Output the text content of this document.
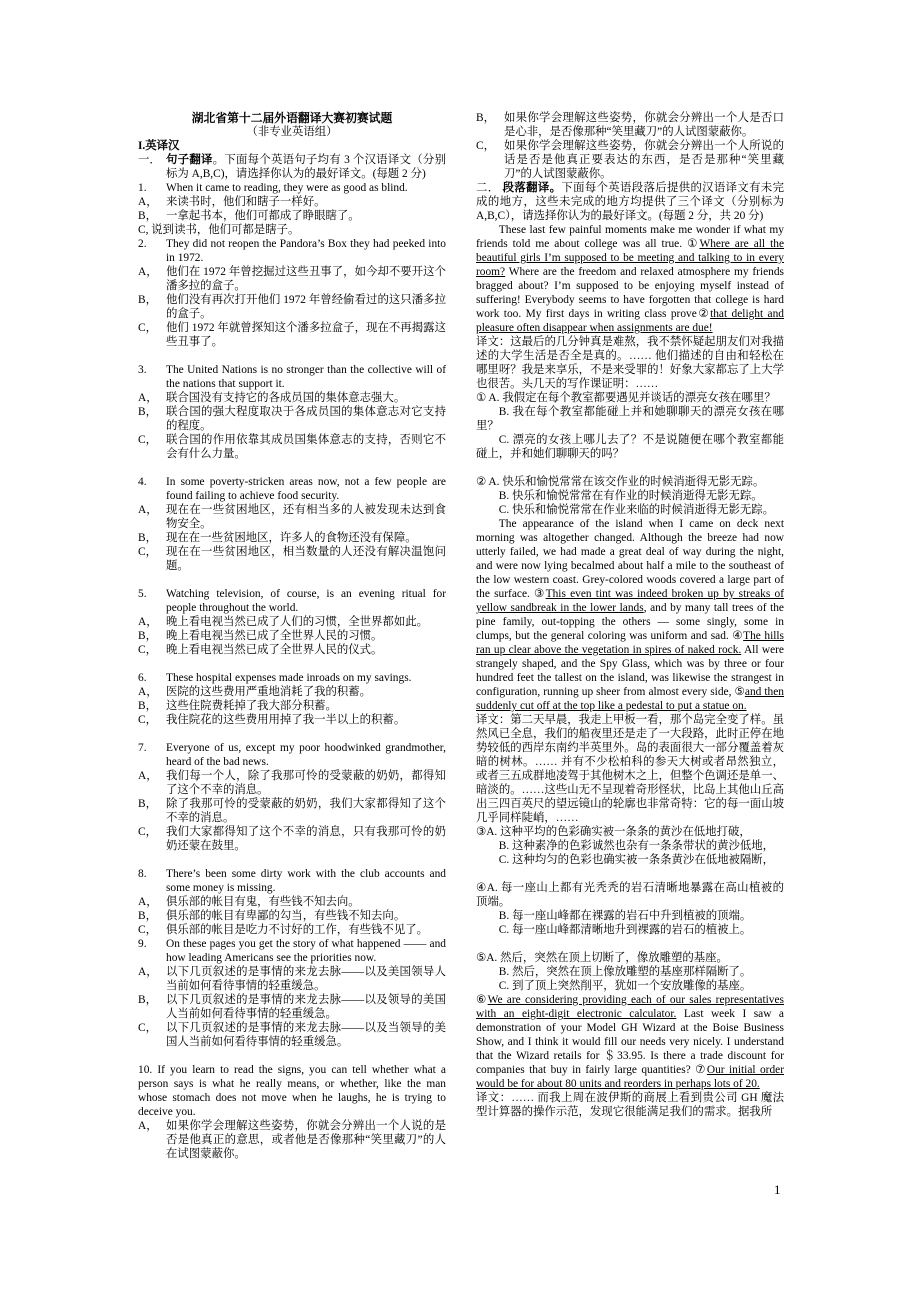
湖北省第十二届外语翻译大赛初赛试题
（非专业英语组）
I.英译汉
一． 句子翻译。下面每个英语句子均有 3 个汉语译文（分别标为 A,B,C)，请选择你认为的最好译文。(每题 2 分)
1.	When it came to reading, they were as good as blind.
A， 来读书时，他们和瞎子一样好。
B， 一拿起书本，他们可都成了睁眼瞎了。
C, 说到读书，他们可都是瞎子。
2.	They did not reopen the Pandora’s Box they had peeked into in 1972.
A， 他们在 1972 年曾挖掘过这些丑事了，如今却不要开这个潘多拉的盒子。
B， 他们没有再次打开他们 1972 年曾经偷看过的这只潘多拉的盒子。
C， 他们 1972 年就曾探知这个潘多拉盒子，现在不再揭露这些丑事了。
3.	The United Nations is no stronger than the collective will of the nations that support it.
A， 联合国没有支持它的各成员国的集体意志强大。
B， 联合国的强大程度取决于各成员国的集体意志对它支持的程度。
C， 联合国的作用依靠其成员国集体意志的支持，否则它不会有什么力量。
4.	In some poverty-stricken areas now, not a few people are found failing to achieve food security.
A， 现在在一些贫困地区，还有相当多的人被发现未达到食物安全。
B， 现在在一些贫困地区，许多人的食物还没有保障。
C， 现在在一些贫困地区，相当数量的人还没有解决温饱问题。
5.	Watching television, of course, is an evening ritual for people throughout the world.
A， 晚上看电视当然已成了人们的习惯，全世界都如此。
B， 晚上看电视当然已成了全世界人民的习惯。
C， 晚上看电视当然已成了全世界人民的仪式。
6.	These hospital expenses made inroads on my savings.
A， 医院的这些费用严重地消耗了我的积蓄。
B， 这些住院费耗掉了我大部分积蓄。
C， 我住院花的这些费用用掉了我一半以上的积蓄。
7.	Everyone of us, except my poor hoodwinked grandmother, heard of the bad news.
A， 我们每一个人，除了我那可怜的受蒙蔽的奶奶，都得知了这个不幸的消息。
B， 除了我那可怜的受蒙蔽的奶奶，我们大家都得知了这个不幸的消息。
C， 我们大家都得知了这个不幸的消息，只有我那可怜的奶奶还蒙在鼓里。
8.	There’s been some dirty work with the club accounts and some money is missing.
A， 俱乐部的帐目有鬼，有些钱不知去向。
B， 俱乐部的帐目有卑鄙的勾当，有些钱不知去向。
C， 俱乐部的帐目是吃力不讨好的工作，有些钱不见了。
9.	On these pages you get the story of what happened —— and how leading Americans see the priorities now.
A， 以下几页叙述的是事情的来龙去脉——以及美国领导人当前如何看待事情的轻重缓急。
B， 以下几页叙述的是事情的来龙去脉——以及领导的美国人当前如何看待事情的轻重缓急。
C， 以下几页叙述的是事情的来龙去脉——以及当领导的美国人当前如何看待事情的轻重缓急。
10. If you learn to read the signs, you can tell whether what a person says is what he really means, or whether, like the man whose stomach does not move when he laughs, he is trying to deceive you.
A， 如果你学会理解这些姿势，你就会分辨出一个人说的是否是他真正的意思，或者他是否像那种“笑里藏刀”的人在试图蒙蔽你。
B， 如果你学会理解这些姿势，你就会分辨出一个人是否口是心非，是否像那种“笑里藏刀”的人试图蒙蔽你。
C， 如果你学会理解这些姿势，你就会分辨出一个人所说的话是否是他真正要表达的东西，是否是那种“笑里藏刀”的人试图蒙蔽你。
二． 段落翻译。下面每个英语段落后提供的汉语译文有未完成的地方，这些未完成的地方均提供了三个译文（分别标为 A,B,C），请选择你认为的最好译文。(每题 2 分，共 20 分)
These last few painful moments make me wonder if what my friends told me about college was all true. ①Where are all the beautiful girls I’m supposed to be meeting and talking to in every room? Where are the freedom and relaxed atmosphere my friends bragged about? I’m supposed to be enjoying myself instead of suffering! Everybody seems to have forgotten that college is hard work too. My first days in writing class prove②that delight and pleasure often disappear when assignments are due!
译文：这最后的几分钟真是难熬，我不禁怀疑起朋友们对我描述的大学生活是否全是真的。…… 他们描述的自由和轻松在哪里呀？我是来享乐，不是来受罪的！好象大家都忘了上大学也很苦。头几天的写作课证明：……
① A. 我假定在每个教室都要遇见并谈话的漂亮女孩在哪里？
B. 我在每个教室都能碰上并和她聊聊天的漂亮女孩在哪里？
C. 漂亮的女孩上哪儿去了？不是说随便在哪个教室都能碰上，并和她们聊聊天的吗？
② A. 快乐和愉悦常常在该交作业的时候消逝得无影无踪。
B. 快乐和愉悦常常在有作业的时候消逝得无影无踪。
C. 快乐和愉悦常常在作业来临的时候消逝得无影无踪。
The appearance of the island when I came on deck next morning was altogether changed. Although the breeze had now utterly failed, we had made a great deal of way during the night, and were now lying becalmed about half a mile to the southeast of the low western coast. Grey-colored woods covered a large part of the surface. ③This even tint was indeed broken up by streaks of yellow sandbreak in the lower lands, and by many tall trees of the pine family, out-topping the others — some singly, some in clumps, but the general coloring was uniform and sad. ④The hills ran up clear above the vegetation in spires of naked rock. All were strangely shaped, and the Spy Glass, which was by three or four hundred feet the tallest on the island, was likewise the strangest in configuration, running up sheer from almost every side, ⑤and then suddenly cut off at the top like a pedestal to put a statue on.
译文：第二天早晨，我走上甲板一看，那个岛完全变了样。虽然风已全息，我们的船夜里还是走了一大段路，此时正停在地势较低的西岸东南约半英里外。岛的表面很大一部分覆盖着灰暗的树林。…… 并有不少松柏科的参天大树或者昂然独立，或者三五成群地凌驾于其他树木之上，但整个色调还是单一、暗淡的。……这些山无不呈现着奇形怪状，比岛上其他山丘高出三四百英尺的望远镜山的轮廓也非常奇特：它的每一面山坡几乎同样陡峭，……
③A. 这种平均的色彩确实被一条条的黄沙在低地打破，
B. 这种素净的色彩诚然也杂有一条条带状的黄沙低地，
C. 这种均匀的色彩也确实被一条条黄沙在低地被隔断，
④A. 每一座山上都有光秃秃的岩石清晰地暴露在高山植被的顶端。
B. 每一座山峰都在裸露的岩石中升到植被的顶端。
C. 每一座山峰都清晰地升到裸露的岩石的植被上。
⑤A. 然后，突然在顶上切断了，像放雕塑的基座。
B. 然后，突然在顶上像放雕塑的基座那样隔断了。
C. 到了顶上突然削平，犹如一个安放雕像的基座。
⑥We are considering providing each of our sales representatives with an eight-digit electronic calculator. Last week I saw a demonstration of your Model GH Wizard at the Boise Business Show, and I think it would fill our needs very nicely. I understand that the Wizard retails for ＄33.95. Is there a trade discount for companies that buy in fairly large quantities? ⑦Our initial order would be for about 80 units and reorders in perhaps lots of 20.
译文：…… 而我上周在波伊斯的商展上看到贵公司 GH 魔法型计算器的操作示范，发现它很能满足我们的需求。据我所
1
